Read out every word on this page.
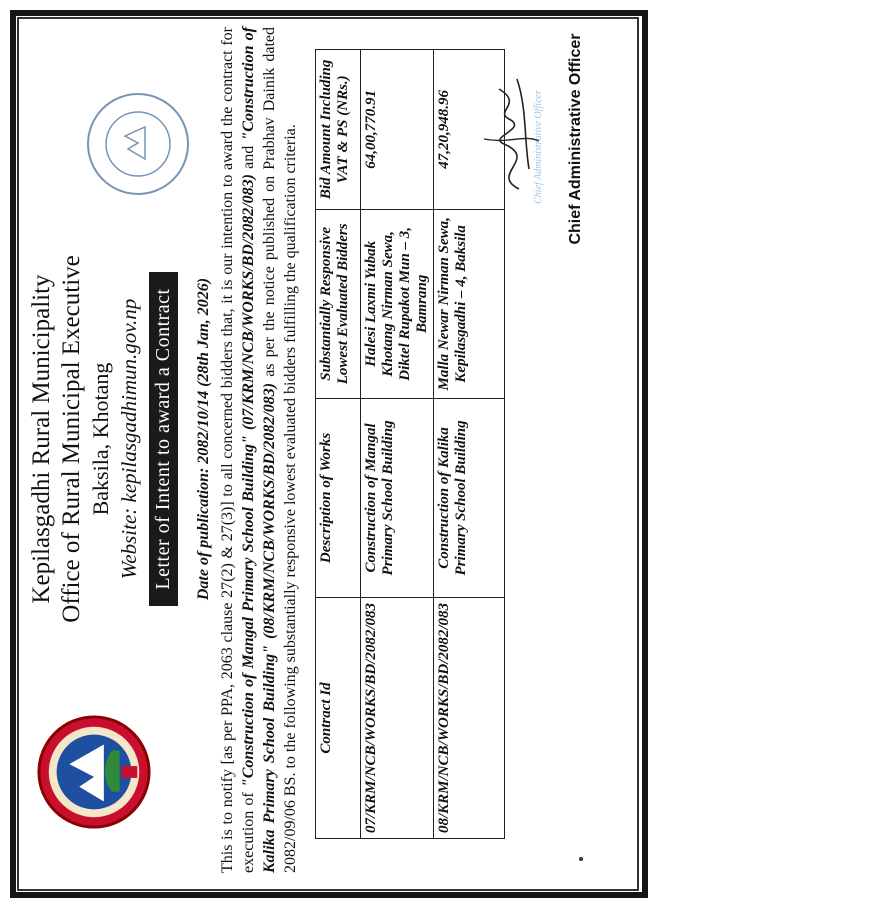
Kepilasgadhi Rural Municipality Office of Rural Municipal Executive Baksila, Khotang Website: kepilasgadhimun.gov.np Letter of Intent to award a Contract Date of publication: 2082/10/14 (28th Jan, 2026) This is to notify [as per PPA, 2063 clause 27(2) & 27(3)] to all concerned bidders that, it is our intention to award the contract for execution of "Construction of Mangal Primary School Building" (07/KRM/NCB/WORKS/BD/2082/083) and "Construction of Kalika Primary School Building" (08/KRM/NCB/WORKS/BD/2082/083) as per the notice published on Prabhav Dainik dated 2082/09/06 BS. to the following substantially responsive lowest evaluated bidders fulfilling the qualification criteria. Contract Id	Description of Works	Substantially Responsive Lowest Evaluated Bidders	Bid Amount Including VAT & PS (NRs.)
07/KRM/NCB/WORKS/BD/2082/083	Construction of Mangal Primary School Building	Halesi Laxmi Yubak Khotang Nirman Sewa, Diktel Rupakot Mun – 3, Bamrang	64,00,770.91
08/KRM/NCB/WORKS/BD/2082/083	Construction of Kalika Primary School Building	Malla Newar Nirman Sewa, Kepilasgadhi – 4, Baksila	47,20,948.96	Chief Administrative Officer Chief Administrative Officer
